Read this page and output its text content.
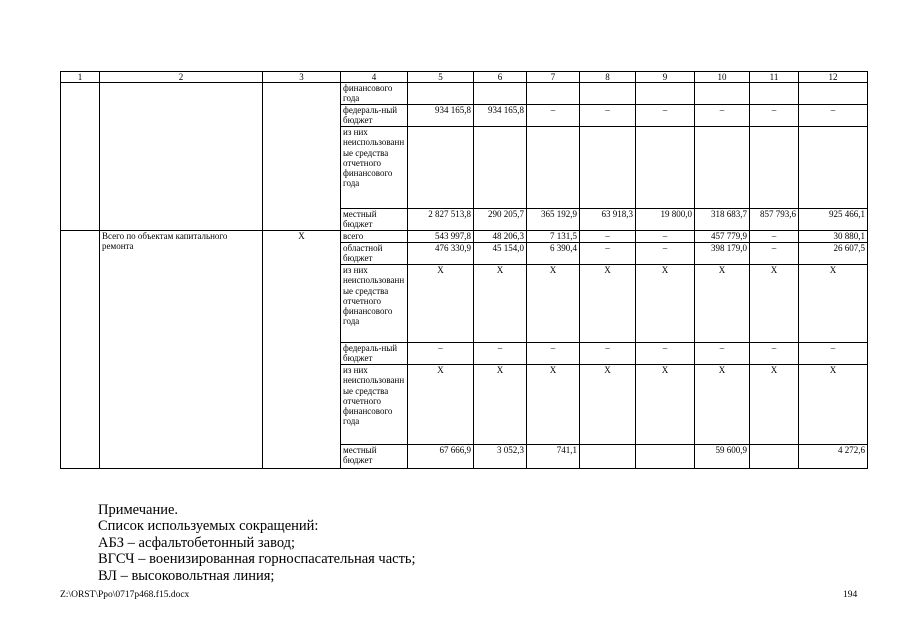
1	2	3	4	5	6	7	8	9	10	11	12
			финансового года								
			федераль-ный бюджет	934 165,8	934 165,8	–	–	–	–	–	–
			из них неиспользованные средства отчетного финансового года								
			местный бюджет	2 827 513,8	290 205,7	365 192,9	63 918,3	19 800,0	318 683,7	857 793,6	925 466,1
	Всего по объектам капитального ремонта	Х	всего	543 997,8	48 206,3	7 131,5	–	–	457 779,9	–	30 880,1
			областной бюджет	476 330,9	45 154,0	6 390,4	–	–	398 179,0	–	26 607,5
			из них неиспользованные средства отчетного финансового года	Х	Х	Х	Х	Х	Х	Х	Х
			федераль-ный бюджет	–	–	–	–	–	–	–	–
			из них неиспользованные средства отчетного финансового года	Х	Х	Х	Х	Х	Х	Х	Х
			местный бюджет	67 666,9	3 052,3	741,1			59 600,9		4 272,6
Примечание.
Список используемых сокращений:
АБЗ – асфальтобетонный завод;
ВГСЧ – военизированная горноспасательная часть;
ВЛ – высоковольтная линия;
Z:\ORST\Ppo\0717p468.f15.docx	194
